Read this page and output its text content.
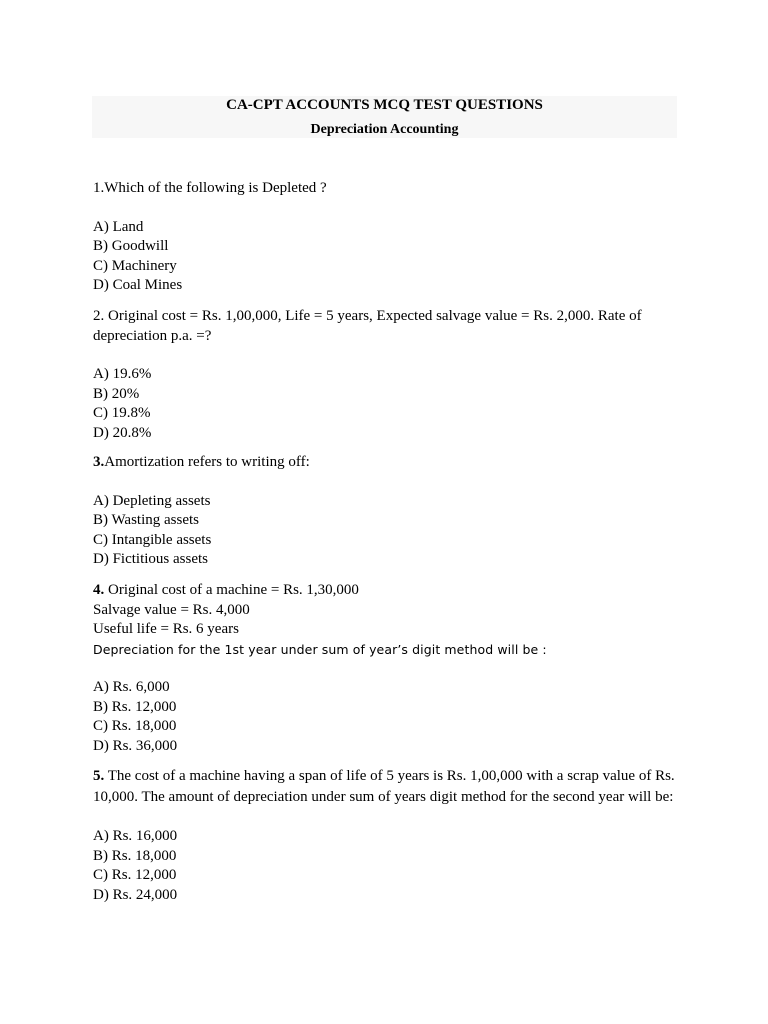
CA-CPT ACCOUNTS MCQ TEST QUESTIONS
Depreciation Accounting

1.Which of the following is Depleted ?

A) Land

B) Goodwill

C) Machinery

D) Coal Mines

2. Original cost = Rs. 1,00,000, Life = 5 years, Expected salvage value = Rs. 2,000. Rate of depreciation p.a. =?

A) 19.6%

B) 20%

C) 19.8%

D) 20.8%

3.Amortization refers to writing off:

A) Depleting assets

B) Wasting assets

C) Intangible assets

D) Fictitious assets

4. Original cost of a machine = Rs. 1,30,000

Salvage value = Rs. 4,000

Useful life = Rs. 6 years

Depreciation for the 1st year under sum of year’s digit method will be :

A) Rs. 6,000

B) Rs. 12,000

C) Rs. 18,000

D) Rs. 36,000

5. The cost of a machine having a span of life of 5 years is Rs. 1,00,000 with a scrap value of Rs. 10,000. The amount of depreciation under sum of years digit method for the second year will be:

A) Rs. 16,000

B) Rs. 18,000

C) Rs. 12,000

D) Rs. 24,000
